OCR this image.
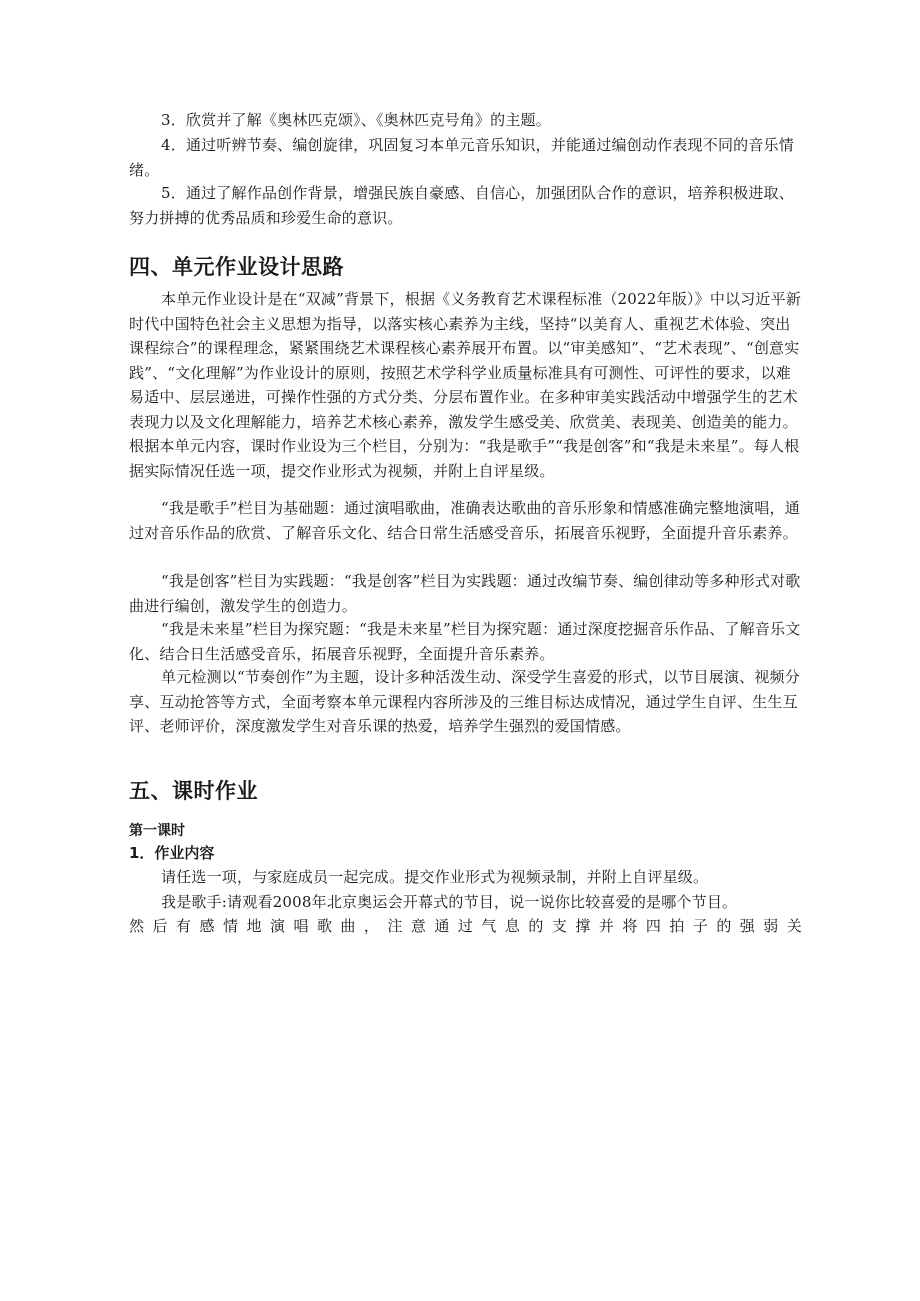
3．欣赏并了解《奥林匹克颂》、《奥林匹克号角》的主题。

4．通过听辨节奏、编创旋律，巩固复习本单元音乐知识，并能通过编创动作表现不同的音乐情绪。

5．通过了解作品创作背景，增强民族自豪感、自信心，加强团队合作的意识，培养积极进取、努力拼搏的优秀品质和珍爱生命的意识。

四、单元作业设计思路

本单元作业设计是在“双减”背景下，根据《义务教育艺术课程标准（2022年版）》中以习近平新时代中国特色社会主义思想为指导，以落实核心素养为主线，坚持“以美育人、重视艺术体验、突出课程综合”的课程理念，紧紧围绕艺术课程核心素养展开布置。以“审美感知”、“艺术表现”、“创意实践”、“文化理解”为作业设计的原则，按照艺术学科学业质量标准具有可测性、可评性的要求，以难易适中、层层递进，可操作性强的方式分类、分层布置作业。在多种审美实践活动中增强学生的艺术表现力以及文化理解能力，培养艺术核心素养，激发学生感受美、欣赏美、表现美、创造美的能力。根据本单元内容，课时作业设为三个栏目，分别为：“我是歌手”“我是创客”和“我是未来星”。每人根据实际情况任选一项，提交作业形式为视频，并附上自评星级。

“我是歌手”栏目为基础题：通过演唱歌曲，准确表达歌曲的音乐形象和情感准确完整地演唱，通过对音乐作品的欣赏、了解音乐文化、结合日常生活感受音乐，拓展音乐视野，全面提升音乐素养。

“我是创客”栏目为实践题：“我是创客”栏目为实践题：通过改编节奏、编创律动等多种形式对歌曲进行编创，激发学生的创造力。

“我是未来星”栏目为探究题：“我是未来星”栏目为探究题：通过深度挖掘音乐作品、了解音乐文化、结合日生活感受音乐，拓展音乐视野，全面提升音乐素养。

单元检测以“节奏创作”为主题，设计多种活泼生动、深受学生喜爱的形式，以节目展演、视频分享、互动抢答等方式，全面考察本单元课程内容所涉及的三维目标达成情况，通过学生自评、生生互评、老师评价，深度激发学生对音乐课的热爱，培养学生强烈的爱国情感。

五、课时作业
第一课时
1．作业内容

请任选一项，与家庭成员一起完成。提交作业形式为视频录制，并附上自评星级。

我是歌手:请观看2008年北京奥运会开幕式的节目，说一说你比较喜爱的是哪个节目。

然后有感情地演唱歌曲，注意通过气息的支撑并将四拍子的强弱关
